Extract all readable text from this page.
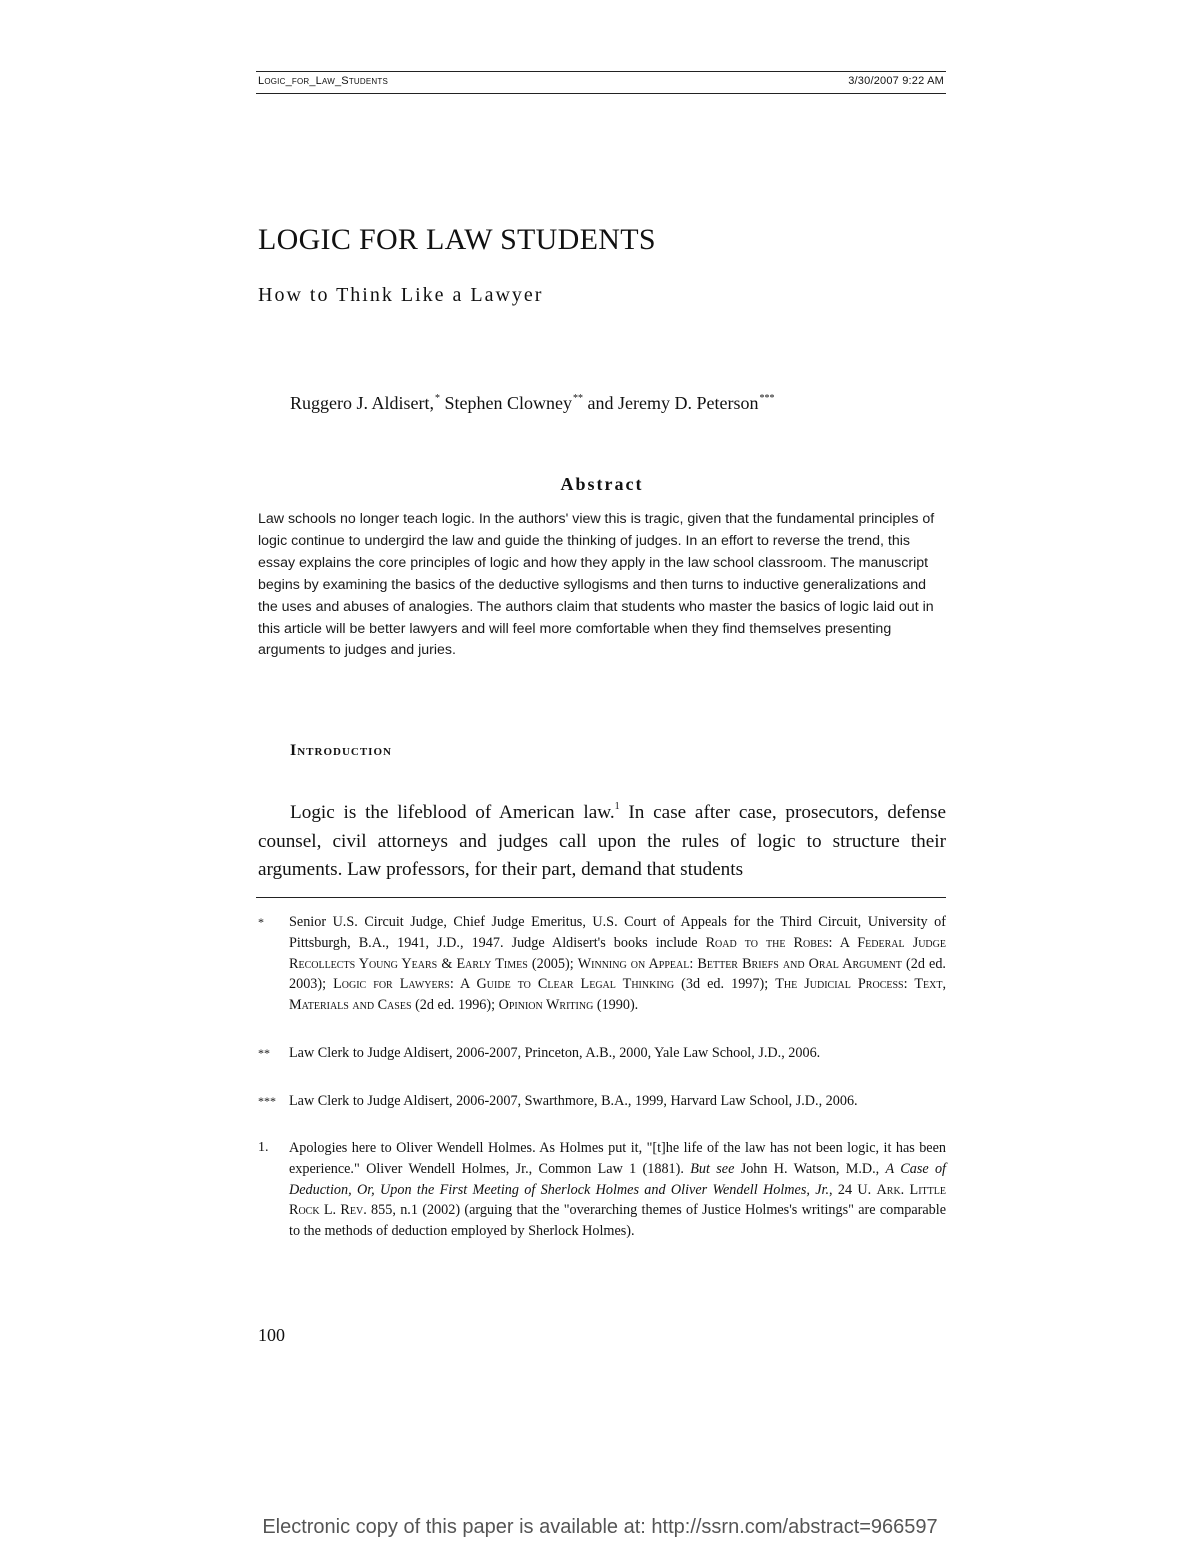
Logic_for_Law_Students	3/30/2007 9:22 AM
LOGIC FOR LAW STUDENTS
How to Think Like a Lawyer
Ruggero J. Aldisert,* Stephen Clowney** and Jeremy D. Peterson***
Abstract

Law schools no longer teach logic. In the authors' view this is tragic, given that the fundamental principles of logic continue to undergird the law and guide the thinking of judges. In an effort to reverse the trend, this essay explains the core principles of logic and how they apply in the law school classroom. The manuscript begins by examining the basics of the deductive syllogisms and then turns to inductive generalizations and the uses and abuses of analogies. The authors claim that students who master the basics of logic laid out in this article will be better lawyers and will feel more comfortable when they find themselves presenting arguments to judges and juries.

Introduction

Logic is the lifeblood of American law.$^1$ In case after case, prosecutors, defense counsel, civil attorneys and judges call upon the rules of logic to structure their arguments. Law professors, for their part, demand that students

* Senior U.S. Circuit Judge, Chief Judge Emeritus, U.S. Court of Appeals for the Third Circuit, University of Pittsburgh, B.A., 1941, J.D., 1947. Judge Aldisert's books include Road to the Robes: A Federal Judge Recollects Young Years & Early Times (2005); Winning on Appeal: Better Briefs and Oral Argument (2d ed. 2003); Logic for Lawyers: A Guide to Clear Legal Thinking (3d ed. 1997); The Judicial Process: Text, Materials and Cases (2d ed. 1996); Opinion Writing (1990).
** Law Clerk to Judge Aldisert, 2006-2007, Princeton, A.B., 2000, Yale Law School, J.D., 2006.
*** Law Clerk to Judge Aldisert, 2006-2007, Swarthmore, B.A., 1999, Harvard Law School, J.D., 2006.
1. Apologies here to Oliver Wendell Holmes. As Holmes put it, "[t]he life of the law has not been logic, it has been experience." Oliver Wendell Holmes, Jr., Common Law 1 (1881). But see John H. Watson, M.D., A Case of Deduction, Or, Upon the First Meeting of Sherlock Holmes and Oliver Wendell Holmes, Jr., 24 U. Ark. Little Rock L. Rev. 855, n.1 (2002) (arguing that the "overarching themes of Justice Holmes's writings" are comparable to the methods of deduction employed by Sherlock Holmes).
100
Electronic copy of this paper is available at: http://ssrn.com/abstract=966597
